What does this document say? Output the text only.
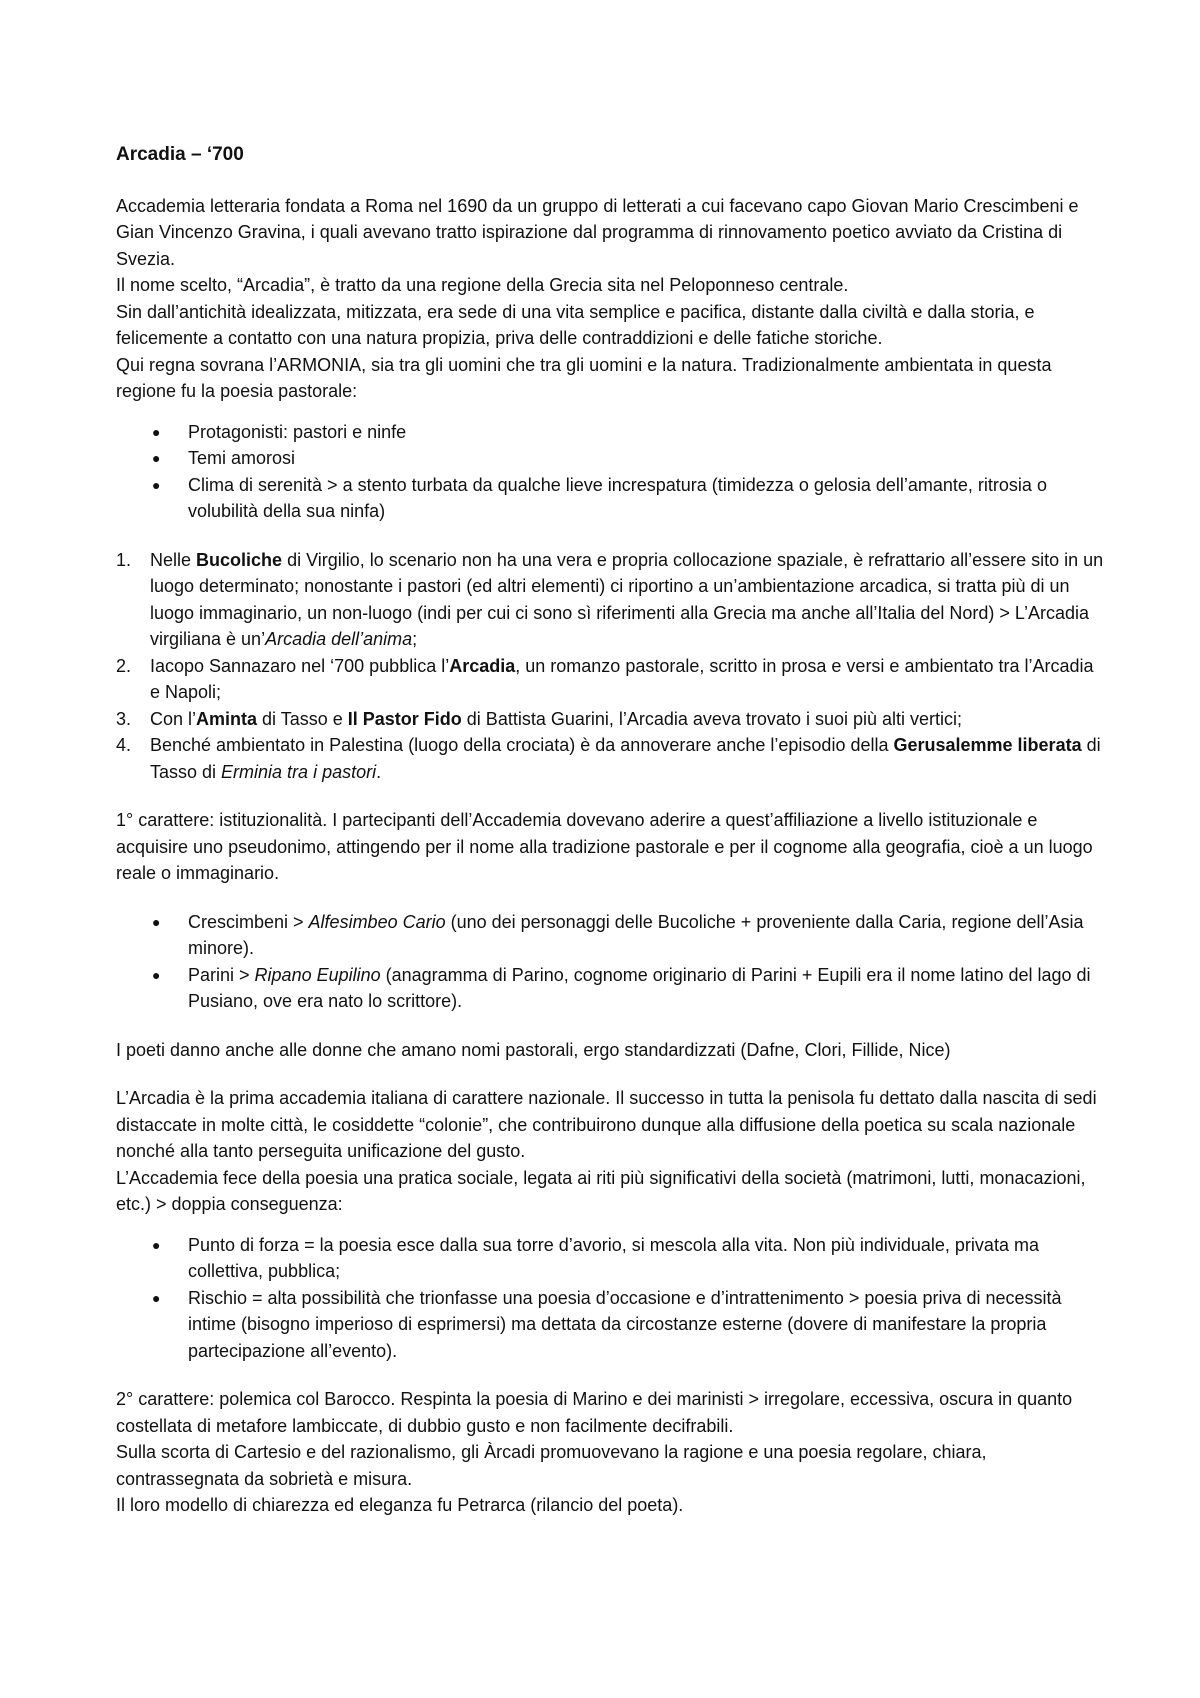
Arcadia – ‘700

Accademia letteraria fondata a Roma nel 1690 da un gruppo di letterati a cui facevano capo Giovan Mario Crescimbeni e Gian Vincenzo Gravina, i quali avevano tratto ispirazione dal programma di rinnovamento poetico avviato da Cristina di Svezia.

Il nome scelto, “Arcadia”, è tratto da una regione della Grecia sita nel Peloponneso centrale.

Sin dall’antichità idealizzata, mitizzata, era sede di una vita semplice e pacifica, distante dalla civiltà e dalla storia, e felicemente a contatto con una natura propizia, priva delle contraddizioni e delle fatiche storiche.

Qui regna sovrana l’ARMONIA, sia tra gli uomini che tra gli uomini e la natura. Tradizionalmente ambientata in questa regione fu la poesia pastorale:

● Protagonisti: pastori e ninfe
● Temi amorosi
● Clima di serenità > a stento turbata da qualche lieve increspatura (timidezza o gelosia dell’amante, ritrosia o volubilità della sua ninfa)
1. Nelle Bucoliche di Virgilio, lo scenario non ha una vera e propria collocazione spaziale, è refrattario all’essere sito in un luogo determinato; nonostante i pastori (ed altri elementi) ci riportino a un’ambientazione arcadica, si tratta più di un luogo immaginario, un non-luogo (indi per cui ci sono sì riferimenti alla Grecia ma anche all’Italia del Nord) > L’Arcadia virgiliana è un’Arcadia dell’anima;
2. Iacopo Sannazaro nel ‘700 pubblica l’Arcadia, un romanzo pastorale, scritto in prosa e versi e ambientato tra l’Arcadia e Napoli;
3. Con l’Aminta di Tasso e Il Pastor Fido di Battista Guarini, l’Arcadia aveva trovato i suoi più alti vertici;
4. Benché ambientato in Palestina (luogo della crociata) è da annoverare anche l’episodio della Gerusalemme liberata di Tasso di Erminia tra i pastori.

1° carattere: istituzionalità. I partecipanti dell’Accademia dovevano aderire a quest’affiliazione a livello istituzionale e acquisire uno pseudonimo, attingendo per il nome alla tradizione pastorale e per il cognome alla geografia, cioè a un luogo reale o immaginario.

● Crescimbeni > Alfesimbeo Cario (uno dei personaggi delle Bucoliche + proveniente dalla Caria, regione dell’Asia minore).
● Parini > Ripano Eupilino (anagramma di Parino, cognome originario di Parini + Eupili era il nome latino del lago di Pusiano, ove era nato lo scrittore).

I poeti danno anche alle donne che amano nomi pastorali, ergo standardizzati (Dafne, Clori, Fillide, Nice)

L’Arcadia è la prima accademia italiana di carattere nazionale. Il successo in tutta la penisola fu dettato dalla nascita di sedi distaccate in molte città, le cosiddette “colonie”, che contribuirono dunque alla diffusione della poetica su scala nazionale nonché alla tanto perseguita unificazione del gusto.

L’Accademia fece della poesia una pratica sociale, legata ai riti più significativi della società (matrimoni, lutti, monacazioni, etc.) > doppia conseguenza:

● Punto di forza = la poesia esce dalla sua torre d’avorio, si mescola alla vita. Non più individuale, privata ma collettiva, pubblica;
● Rischio = alta possibilità che trionfasse una poesia d’occasione e d’intrattenimento > poesia priva di necessità intime (bisogno imperioso di esprimersi) ma dettata da circostanze esterne (dovere di manifestare la propria partecipazione all’evento).

2° carattere: polemica col Barocco. Respinta la poesia di Marino e dei marinisti > irregolare, eccessiva, oscura in quanto costellata di metafore lambiccate, di dubbio gusto e non facilmente decifrabili.

Sulla scorta di Cartesio e del razionalismo, gli Àrcadi promuovevano la ragione e una poesia regolare, chiara, contrassegnata da sobrietà e misura.

Il loro modello di chiarezza ed eleganza fu Petrarca (rilancio del poeta).
